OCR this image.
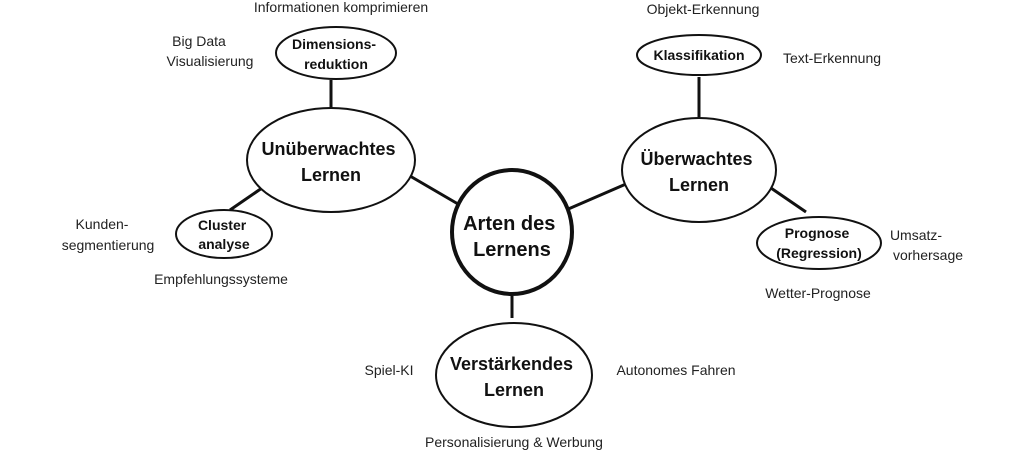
Arten des Lernens
Unüberwachtes Lernen
Dimensions- reduktion
Cluster analyse
Überwachtes Lernen
Klassifikation
Prognose (Regression)
Verstärkendes Lernen
Informationen komprimieren
Big Data
Visualisierung
Kunden-
segmentierung
Empfehlungssysteme
Objekt-Erkennung
Text-Erkennung
Umsatz-
vorhersage
Wetter-Prognose
Spiel-KI	Autonomes Fahren
Personalisierung & Werbung
